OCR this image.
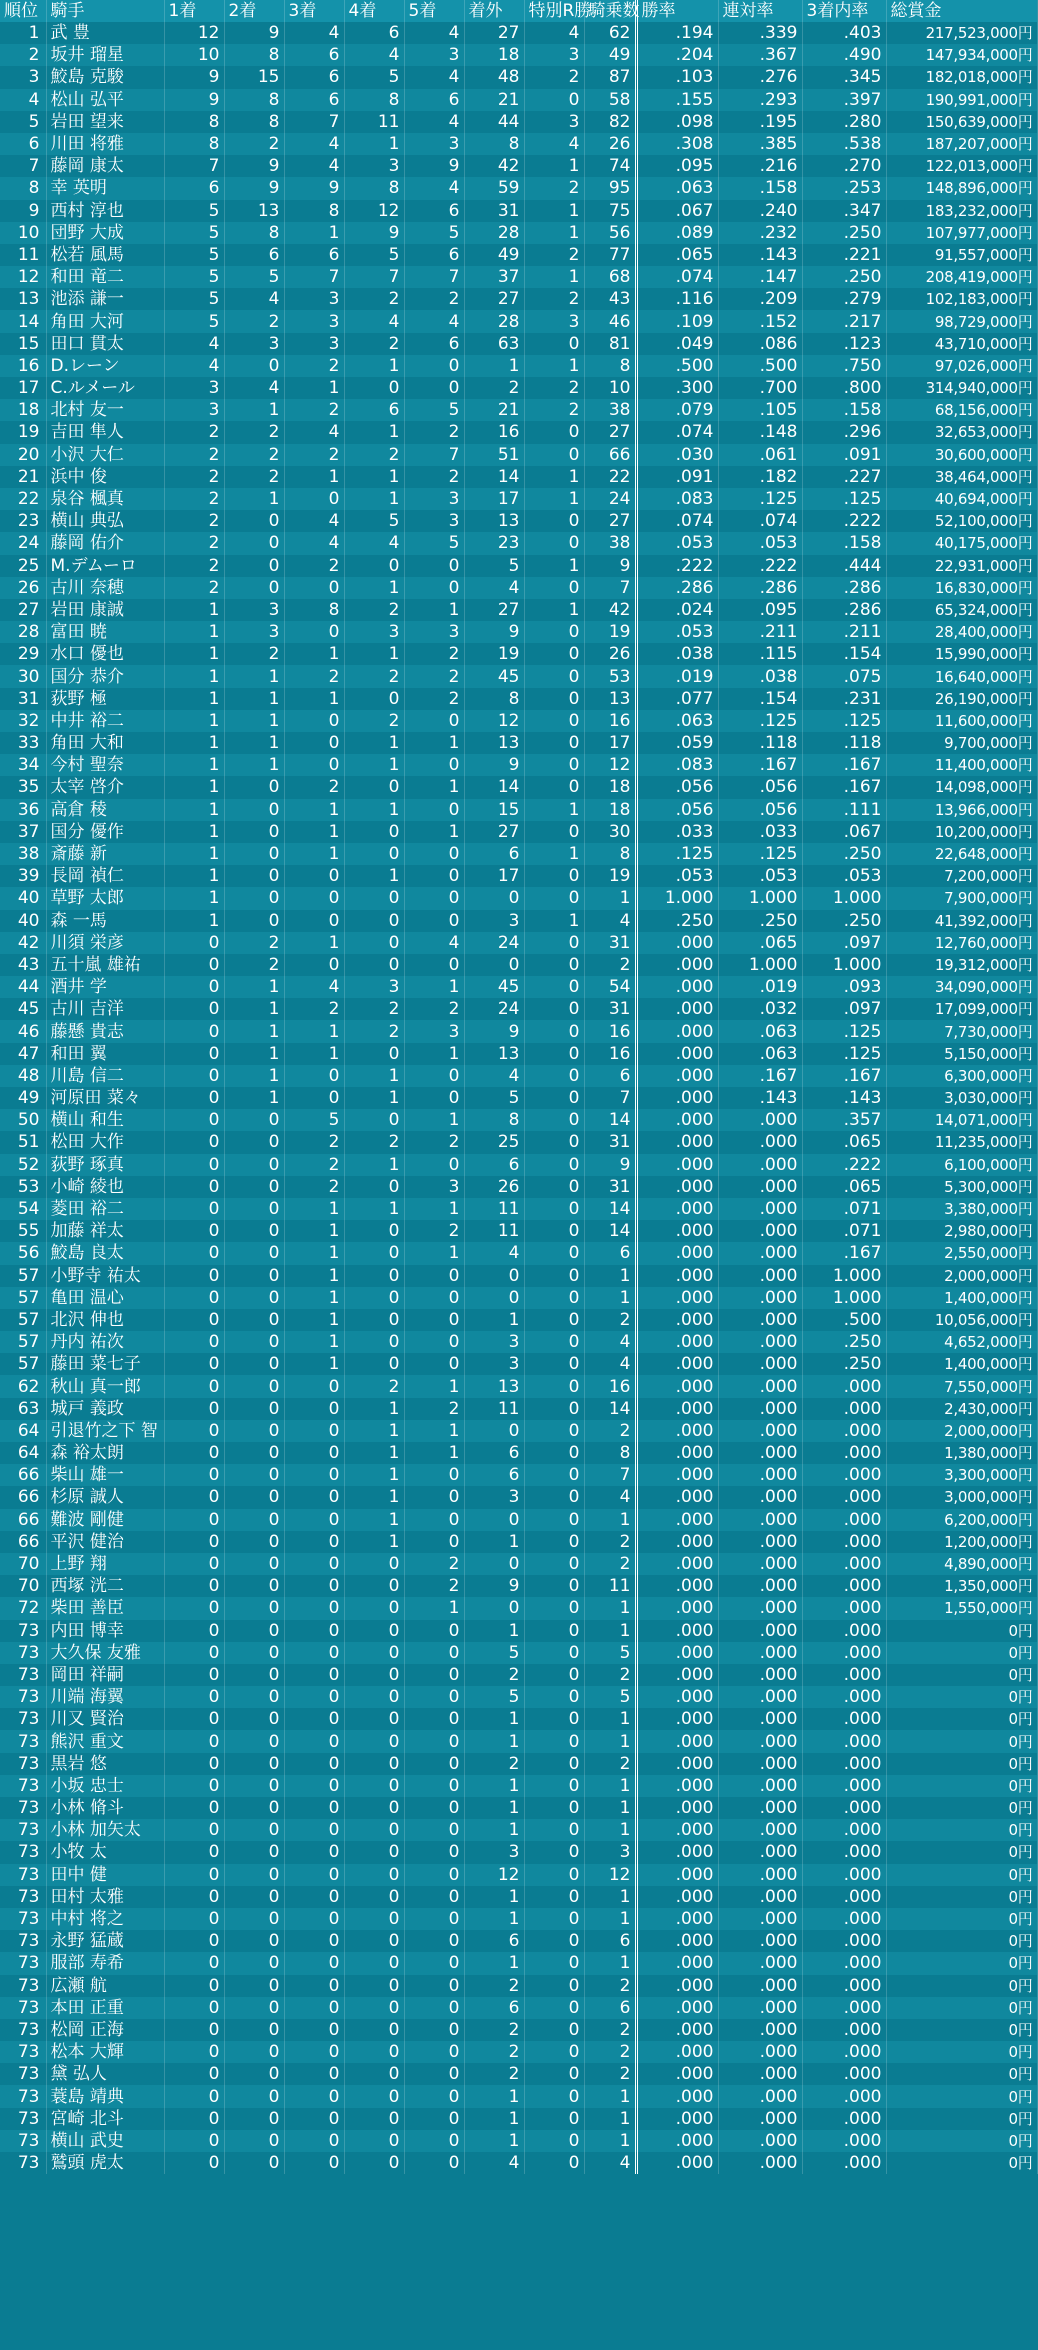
順位	騎手	1着	2着	3着	4着	5着	着外	特別R勝	騎乗数	勝率	連対率	3着内率	総賞金
1	武 豊	12	9	4	6	4	27	4	62	.194	.339	.403	217,523,000円
2	坂井 瑠星	10	8	6	4	3	18	3	49	.204	.367	.490	147,934,000円
3	鮫島 克駿	9	15	6	5	4	48	2	87	.103	.276	.345	182,018,000円
4	松山 弘平	9	8	6	8	6	21	0	58	.155	.293	.397	190,991,000円
5	岩田 望来	8	8	7	11	4	44	3	82	.098	.195	.280	150,639,000円
6	川田 将雅	8	2	4	1	3	8	4	26	.308	.385	.538	187,207,000円
7	藤岡 康太	7	9	4	3	9	42	1	74	.095	.216	.270	122,013,000円
8	幸 英明	6	9	9	8	4	59	2	95	.063	.158	.253	148,896,000円
9	西村 淳也	5	13	8	12	6	31	1	75	.067	.240	.347	183,232,000円
10	団野 大成	5	8	1	9	5	28	1	56	.089	.232	.250	107,977,000円
11	松若 風馬	5	6	6	5	6	49	2	77	.065	.143	.221	91,557,000円
12	和田 竜二	5	5	7	7	7	37	1	68	.074	.147	.250	208,419,000円
13	池添 謙一	5	4	3	2	2	27	2	43	.116	.209	.279	102,183,000円
14	角田 大河	5	2	3	4	4	28	3	46	.109	.152	.217	98,729,000円
15	田口 貫太	4	3	3	2	6	63	0	81	.049	.086	.123	43,710,000円
16	D.レーン	4	0	2	1	0	1	1	8	.500	.500	.750	97,026,000円
17	C.ルメール	3	4	1	0	0	2	2	10	.300	.700	.800	314,940,000円
18	北村 友一	3	1	2	6	5	21	2	38	.079	.105	.158	68,156,000円
19	吉田 隼人	2	2	4	1	2	16	0	27	.074	.148	.296	32,653,000円
20	小沢 大仁	2	2	2	2	7	51	0	66	.030	.061	.091	30,600,000円
21	浜中 俊	2	2	1	1	2	14	1	22	.091	.182	.227	38,464,000円
22	泉谷 楓真	2	1	0	1	3	17	1	24	.083	.125	.125	40,694,000円
23	横山 典弘	2	0	4	5	3	13	0	27	.074	.074	.222	52,100,000円
24	藤岡 佑介	2	0	4	4	5	23	0	38	.053	.053	.158	40,175,000円
25	M.デムーロ	2	0	2	0	0	5	1	9	.222	.222	.444	22,931,000円
26	古川 奈穂	2	0	0	1	0	4	0	7	.286	.286	.286	16,830,000円
27	岩田 康誠	1	3	8	2	1	27	1	42	.024	.095	.286	65,324,000円
28	富田 暁	1	3	0	3	3	9	0	19	.053	.211	.211	28,400,000円
29	水口 優也	1	2	1	1	2	19	0	26	.038	.115	.154	15,990,000円
30	国分 恭介	1	1	2	2	2	45	0	53	.019	.038	.075	16,640,000円
31	荻野 極	1	1	1	0	2	8	0	13	.077	.154	.231	26,190,000円
32	中井 裕二	1	1	0	2	0	12	0	16	.063	.125	.125	11,600,000円
33	角田 大和	1	1	0	1	1	13	0	17	.059	.118	.118	9,700,000円
34	今村 聖奈	1	1	0	1	0	9	0	12	.083	.167	.167	11,400,000円
35	太宰 啓介	1	0	2	0	1	14	0	18	.056	.056	.167	14,098,000円
36	高倉 稜	1	0	1	1	0	15	1	18	.056	.056	.111	13,966,000円
37	国分 優作	1	0	1	0	1	27	0	30	.033	.033	.067	10,200,000円
38	斎藤 新	1	0	1	0	0	6	1	8	.125	.125	.250	22,648,000円
39	長岡 禎仁	1	0	0	1	0	17	0	19	.053	.053	.053	7,200,000円
40	草野 太郎	1	0	0	0	0	0	0	1	1.000	1.000	1.000	7,900,000円
40	森 一馬	1	0	0	0	0	3	1	4	.250	.250	.250	41,392,000円
42	川須 栄彦	0	2	1	0	4	24	0	31	.000	.065	.097	12,760,000円
43	五十嵐 雄祐	0	2	0	0	0	0	0	2	.000	1.000	1.000	19,312,000円
44	酒井 学	0	1	4	3	1	45	0	54	.000	.019	.093	34,090,000円
45	古川 吉洋	0	1	2	2	2	24	0	31	.000	.032	.097	17,099,000円
46	藤懸 貴志	0	1	1	2	3	9	0	16	.000	.063	.125	7,730,000円
47	和田 翼	0	1	1	0	1	13	0	16	.000	.063	.125	5,150,000円
48	川島 信二	0	1	0	1	0	4	0	6	.000	.167	.167	6,300,000円
49	河原田 菜々	0	1	0	1	0	5	0	7	.000	.143	.143	3,030,000円
50	横山 和生	0	0	5	0	1	8	0	14	.000	.000	.357	14,071,000円
51	松田 大作	0	0	2	2	2	25	0	31	.000	.000	.065	11,235,000円
52	荻野 琢真	0	0	2	1	0	6	0	9	.000	.000	.222	6,100,000円
53	小崎 綾也	0	0	2	0	3	26	0	31	.000	.000	.065	5,300,000円
54	菱田 裕二	0	0	1	1	1	11	0	14	.000	.000	.071	3,380,000円
55	加藤 祥太	0	0	1	0	2	11	0	14	.000	.000	.071	2,980,000円
56	鮫島 良太	0	0	1	0	1	4	0	6	.000	.000	.167	2,550,000円
57	小野寺 祐太	0	0	1	0	0	0	0	1	.000	.000	1.000	2,000,000円
57	亀田 温心	0	0	1	0	0	0	0	1	.000	.000	1.000	1,400,000円
57	北沢 伸也	0	0	1	0	0	1	0	2	.000	.000	.500	10,056,000円
57	丹内 祐次	0	0	1	0	0	3	0	4	.000	.000	.250	4,652,000円
57	藤田 菜七子	0	0	1	0	0	3	0	4	.000	.000	.250	1,400,000円
62	秋山 真一郎	0	0	0	2	1	13	0	16	.000	.000	.000	7,550,000円
63	城戸 義政	0	0	0	1	2	11	0	14	.000	.000	.000	2,430,000円
64	引退竹之下 智	0	0	0	1	1	0	0	2	.000	.000	.000	2,000,000円
64	森 裕太朗	0	0	0	1	1	6	0	8	.000	.000	.000	1,380,000円
66	柴山 雄一	0	0	0	1	0	6	0	7	.000	.000	.000	3,300,000円
66	杉原 誠人	0	0	0	1	0	3	0	4	.000	.000	.000	3,000,000円
66	難波 剛健	0	0	0	1	0	0	0	1	.000	.000	.000	6,200,000円
66	平沢 健治	0	0	0	1	0	1	0	2	.000	.000	.000	1,200,000円
70	上野 翔	0	0	0	0	2	0	0	2	.000	.000	.000	4,890,000円
70	西塚 洸二	0	0	0	0	2	9	0	11	.000	.000	.000	1,350,000円
72	柴田 善臣	0	0	0	0	1	0	0	1	.000	.000	.000	1,550,000円
73	内田 博幸	0	0	0	0	0	1	0	1	.000	.000	.000	0円
73	大久保 友雅	0	0	0	0	0	5	0	5	.000	.000	.000	0円
73	岡田 祥嗣	0	0	0	0	0	2	0	2	.000	.000	.000	0円
73	川端 海翼	0	0	0	0	0	5	0	5	.000	.000	.000	0円
73	川又 賢治	0	0	0	0	0	1	0	1	.000	.000	.000	0円
73	熊沢 重文	0	0	0	0	0	1	0	1	.000	.000	.000	0円
73	黒岩 悠	0	0	0	0	0	2	0	2	.000	.000	.000	0円
73	小坂 忠士	0	0	0	0	0	1	0	1	.000	.000	.000	0円
73	小林 脩斗	0	0	0	0	0	1	0	1	.000	.000	.000	0円
73	小林 加矢太	0	0	0	0	0	1	0	1	.000	.000	.000	0円
73	小牧 太	0	0	0	0	0	3	0	3	.000	.000	.000	0円
73	田中 健	0	0	0	0	0	12	0	12	.000	.000	.000	0円
73	田村 太雅	0	0	0	0	0	1	0	1	.000	.000	.000	0円
73	中村 将之	0	0	0	0	0	1	0	1	.000	.000	.000	0円
73	永野 猛蔵	0	0	0	0	0	6	0	6	.000	.000	.000	0円
73	服部 寿希	0	0	0	0	0	1	0	1	.000	.000	.000	0円
73	広瀬 航	0	0	0	0	0	2	0	2	.000	.000	.000	0円
73	本田 正重	0	0	0	0	0	6	0	6	.000	.000	.000	0円
73	松岡 正海	0	0	0	0	0	2	0	2	.000	.000	.000	0円
73	松本 大輝	0	0	0	0	0	2	0	2	.000	.000	.000	0円
73	黛 弘人	0	0	0	0	0	2	0	2	.000	.000	.000	0円
73	蓑島 靖典	0	0	0	0	0	1	0	1	.000	.000	.000	0円
73	宮崎 北斗	0	0	0	0	0	1	0	1	.000	.000	.000	0円
73	横山 武史	0	0	0	0	0	1	0	1	.000	.000	.000	0円
73	鷲頭 虎太	0	0	0	0	0	4	0	4	.000	.000	.000	0円
